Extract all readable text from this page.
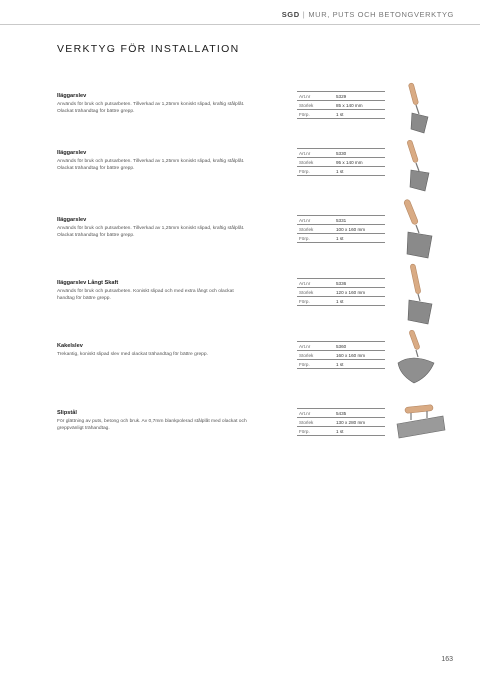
SGD | MUR, PUTS OCH BETONGVERKTYG
VERKTYG FÖR INSTALLATION
Iläggarslev
Används för bruk och putsarbeten. Tillverkad av 1,25mm koniskt slipad, kraftig stålplåt. Olackat trähandtag för bättre grepp.
Art.nr	5329
Storlek	85 x 140 mm
Förp.	1 st
Iläggarslev
Används för bruk och putsarbeten. Tillverkad av 1,25mm koniskt slipad, kraftig stålplåt. Olackat trähandtag för bättre grepp.
Art.nr	5330
Storlek	95 x 140 mm
Förp.	1 st
Iläggarslev
Används för bruk och putsarbeten. Tillverkad av 1,25mm koniskt slipad, kraftig stålplåt. Olackat trähandtag för bättre grepp.
Art.nr	5331
Storlek	100 x 160 mm
Förp.	1 st
Iläggarslev Långt Skaft
Används för bruk och putsarbeten. Koniskt slipad och med extra långt och olackat handtag för bättre grepp.
Art.nr	5336
Storlek	120 x 160 mm
Förp.	1 st
Kakelslev
Trekantig, koniskt slipad slev med olackat trähandtag för bättre grepp.
Art.nr	5360
Storlek	160 x 160 mm
Förp.	1 st
Slipstål
För glättning av puts, betong och bruk. Av 0,7mm blankpolerad stålplåt med olackat och greppvänligt trähandtag.
Art.nr	5435
Storlek	130 x 280 mm
Förp.	1 st
163
